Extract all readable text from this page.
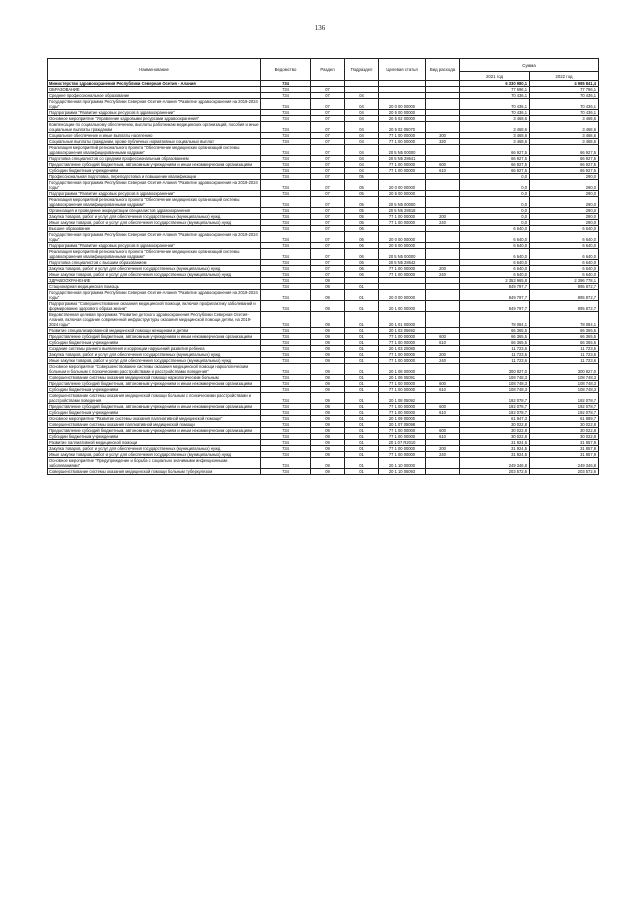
136
Наименование	Ведомство	Раздел	Подраздел	Целевая статья	Вид расхода	Сумма	
						2021 год	2022 год
Министерство здравоохранения Республики Северная Осетия - Алания	734					6 330 980,1	4 985 841,4
ОБРАЗОВАНИЕ	734	07				77 696,1	77 796,1
Среднее профессиональное образование	734	07	04			70 436,1	70 436,1
Государственная программа Республики Северная Осетия-Алания "Развитие здравоохранения на 2019-2024 годы"	734	07	04	20 0 00 00000		70 436,1	70 436,1
Подпрограмма "Развитие кадровых ресурсов в здравоохранении"	734	07	04	20 5 00 00000		70 436,1	70 436,1
Основное мероприятие "Управление кадровыми ресурсами здравоохранения"	734	07	04	20 5 02 00000		3 468,6	3 468,6
Компенсации по социальному обеспечению, выплаты работникам медицинских организаций, пособия и иные социальные выплаты гражданам	734	07	04	20 5 02 05070		3 468,6	3 468,6
Социальное обеспечение и иные выплаты населению	734	07	04	77 1 00 00000	300	3 468,6	3 468,6
Социальные выплаты гражданам, кроме публичных нормативных социальных выплат	734	07	04	77 1 00 00000	320	3 468,6	3 468,6
Реализация мероприятий регионального проекта "Обеспечение медицинских организаций системы здравоохранения квалифицированными кадрами"	734	07	04	20 5 N5 00000		66 927,5	66 927,5
Подготовка специалистов со средним профессиональным образованием	734	07	04	20 5 N5 28641		66 927,5	66 927,5
Предоставление субсидий бюджетным, автономным учреждениям и иным некоммерческим организациям	734	07	04	77 1 00 00000	600	66 927,5	66 927,5
Субсидии бюджетным учреждениям	734	07	04	77 1 00 00000	610	66 927,5	66 927,5
Профессиональная подготовка, переподготовка и повышение квалификации	734	07	05			0,0	290,0
Государственная программа Республики Северная Осетия-Алания "Развитие здравоохранения на 2019-2024 годы"	734	07	05	20 0 00 00000		0,0	290,0
Подпрограмма "Развитие кадровых ресурсов в здравоохранении"	734	07	05	20 5 00 00000		0,0	290,0
Реализация мероприятий регионального проекта "Обеспечение медицинских организаций системы здравоохранения квалифицированными кадрами"	734	07	05	20 5 N5 00000		0,0	290,0
Организация и проведение аккредитации специалистов здравоохранения	734	07	05	20 5 N5 28618		0,0	290,0
Закупка товаров, работ и услуг для обеспечения государственных (муниципальных) нужд	734	07	05	77 1 00 00000	200	0,0	290,0
Иные закупки товаров, работ и услуг для обеспечения государственных (муниципальных) нужд	734	07	05	77 1 00 00000	240	0,0	290,0
Высшее образование	734	07	06			6 640,0	6 640,0
Государственная программа Республики Северная Осетия-Алания "Развитие здравоохранения на 2019-2024 годы"	734	07	06	20 0 00 00000		6 640,0	6 640,0
Подпрограмма "Развитие кадровых ресурсов в здравоохранении"	734	07	06	20 5 00 00000		6 640,0	6 640,0
Реализация мероприятий регионального проекта "Обеспечение медицинских организаций системы здравоохранения квалифицированными кадрами"	734	07	06	20 5 N5 00000		6 640,0	6 640,0
Подготовка специалистов с высшим образованием	734	07	06	20 5 N5 28642		6 640,0	6 640,0
Закупка товаров, работ и услуг для обеспечения государственных (муниципальных) нужд	734	07	06	77 1 00 00000	200	6 640,0	6 640,0
Иные закупки товаров, работ и услуг для обеспечения государственных (муниципальных) нужд	734	07	06	77 1 00 00000	240	6 640,0	6 640,0
ЗДРАВООХРАНЕНИЕ	734	09				2 353 965,8	2 396 778,1
Стационарная медицинская помощь	734	09	01			849 797,7	895 872,7
Государственная программа Республики Северная Осетия-Алания "Развитие здравоохранения на 2019-2024 годы"	734	09	01	20 0 00 00000		849 797,7	895 872,7
Подпрограмма "Совершенствование оказания медицинской помощи, включая профилактику заболеваний и формирование здорового образа жизни"	734	09	01	20 1 00 00000		849 797,7	895 872,7
Ведомственная целевая программа "Развитие детского здравоохранения Республики Северная Осетия-Алания, включая создание современной инфраструктуры оказания медицинской помощи детям, на 2019-2024 годы"	734	09	01	20 1 01 00000		78 084,1	78 084,1
Развитие специализированной медицинской помощи женщинам и детям	734	09	01	20 1 03 05692		66 365,5	66 365,5
Предоставление субсидий бюджетным, автономным учреждениям и иным некоммерческим организациям	734	09	01	77 1 00 00000	600	66 365,5	66 365,5
Субсидии бюджетным учреждениям	734	09	01	77 1 00 00000	610	66 365,5	66 365,5
Создание системы раннего выявления и коррекции нарушений развития ребенка	734	09	01	20 1 03 20080		11 723,6	11 723,6
Закупка товаров, работ и услуг для обеспечения государственных (муниципальных) нужд	734	09	01	77 1 00 00000	200	11 723,6	11 723,6
Иные закупки товаров, работ и услуг для обеспечения государственных (муниципальных) нужд	734	09	01	77 1 00 00000	240	11 723,6	11 723,6
Основное мероприятие "Совершенствование системы оказания медицинской помощи наркологическим больным и больным с психическими расстройствами и расстройствами поведения"	734	09	01	20 1 08 00000		300 827,0	300 827,0
Совершенствование системы оказания медицинской помощи наркологическим больным	734	09	01	20 1 08 05091		108 748,3	108 748,3
Предоставление субсидий бюджетным, автономным учреждениям и иным некоммерческим организациям	734	09	01	77 1 00 00000	600	108 748,3	108 748,3
Субсидии бюджетным учреждениям	734	09	01	77 1 00 00000	610	108 748,3	108 748,3
Совершенствование системы оказания медицинской помощи больным с психическими расстройствами и расстройствами поведения	734	09	01	20 1 08 05092		192 078,7	192 078,7
Предоставление субсидий бюджетным, автономным учреждениям и иным некоммерческим организациям	734	09	01	77 1 00 00000	600	192 078,7	192 078,7
Субсидии бюджетным учреждениям	734	09	01	77 1 00 00000	610	192 078,7	192 078,7
Основное мероприятие "Развитие системы оказания паллиативной медицинской помощи"	734	09	01	20 1 09 00000		61 947,3	61 889,7
Совершенствование системы оказания паллиативной медицинской помощи	734	09	01	20 1 07 05098		30 022,8	30 022,8
Предоставление субсидий бюджетным, автономным учреждениям и иным некоммерческим организациям	734	09	01	77 1 00 00000	600	30 022,8	30 022,8
Субсидии бюджетным учреждениям	734	09	01	77 1 00 00000	610	30 022,8	30 022,8
Развитие паллиативной медицинской помощи	734	09	01	20 1 07 R2010		31 924,5	31 857,9
Закупка товаров, работ и услуг для обеспечения государственных (муниципальных) нужд	734	09	01	77 1 00 00000	200	31 924,5	31 857,9
Иные закупки товаров, работ и услуг для обеспечения государственных (муниципальных) нужд	734	09	01	77 1 00 00000	240	31 924,5	31 857,9
Основное мероприятие "Предупреждение и борьба с социально значимыми инфекционными заболеваниями"	734	09	01	20 1 10 00000		249 346,8	249 346,8
Совершенствование системы оказания медицинской помощи больным туберкулезом	734	09	01	20 1 10 05093		203 572,6	203 572,6
